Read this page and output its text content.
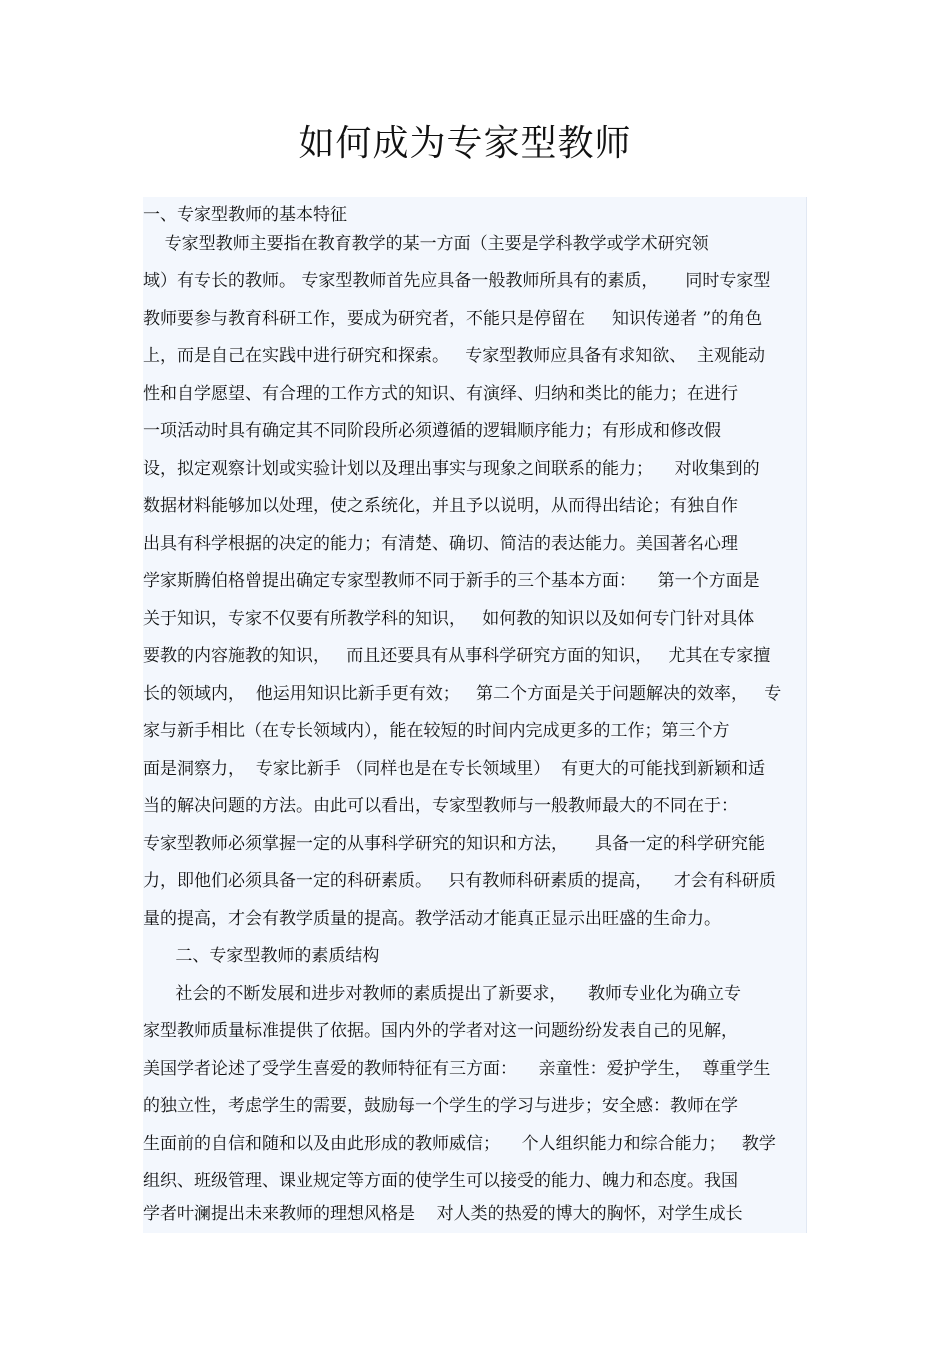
如何成为专家型教师
一、专家型教师的基本特征
专家型教师主要指在教育教学的某一方面（主要是学科教学或学术研究领
域）有专长的教师。 专家型教师首先应具备一般教师所具有的素质，     同时专家型
教师要参与教育科研工作，要成为研究者，不能只是停留在     知识传递者 ”的角色
上，而是自己在实践中进行研究和探索。   专家型教师应具备有求知欲、  主观能动
性和自学愿望、有合理的工作方式的知识、有演绎、归纳和类比的能力；在进行
一项活动时具有确定其不同阶段所必须遵循的逻辑顺序能力；有形成和修改假
设，拟定观察计划或实验计划以及理出事实与现象之间联系的能力；    对收集到的
数据材料能够加以处理，使之系统化，并且予以说明，从而得出结论；有独自作
出具有科学根据的决定的能力；有清楚、确切、简洁的表达能力。美国著名心理
学家斯腾伯格曾提出确定专家型教师不同于新手的三个基本方面：    第一个方面是
关于知识，专家不仅要有所教学科的知识，   如何教的知识以及如何专门针对具体
要教的内容施教的知识，   而且还要具有从事科学研究方面的知识，   尤其在专家擅
长的领域内，  他运用知识比新手更有效；   第二个方面是关于问题解决的效率，   专
家与新手相比（在专长领域内），能在较短的时间内完成更多的工作；第三个方
面是洞察力，  专家比新手 （同样也是在专长领域里）  有更大的可能找到新颖和适
当的解决问题的方法。由此可以看出，专家型教师与一般教师最大的不同在于：
专家型教师必须掌握一定的从事科学研究的知识和方法，     具备一定的科学研究能
力，即他们必须具备一定的科研素质。   只有教师科研素质的提高，    才会有科研质
量的提高，才会有教学质量的提高。教学活动才能真正显示出旺盛的生命力。
二、专家型教师的素质结构
社会的不断发展和进步对教师的素质提出了新要求，    教师专业化为确立专
家型教师质量标准提供了依据。国内外的学者对这一问题纷纷发表自己的见解，
美国学者论述了受学生喜爱的教师特征有三方面：    亲童性：爱护学生，  尊重学生
的独立性，考虑学生的需要，鼓励每一个学生的学习与进步；安全感：教师在学
生面前的自信和随和以及由此形成的教师威信；    个人组织能力和综合能力；   教学
组织、班级管理、课业规定等方面的使学生可以接受的能力、魄力和态度。我国
学者叶澜提出未来教师的理想风格是    对人类的热爱的博大的胸怀，对学生成长
